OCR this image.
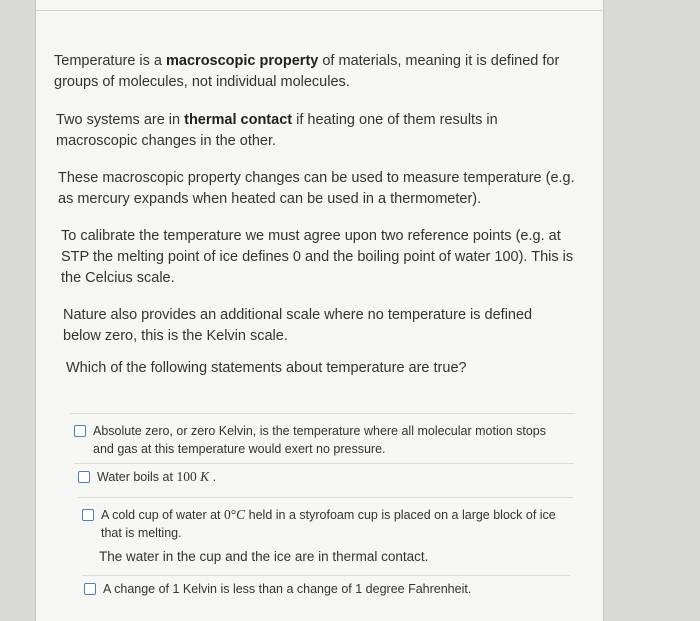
Temperature is a macroscopic property of materials, meaning it is defined for groups of molecules, not individual molecules.

Two systems are in thermal contact if heating one of them results in macroscopic changes in the other.

These macroscopic property changes can be used to measure temperature (e.g. as mercury expands when heated can be used in a thermometer).

To calibrate the temperature we must agree upon two reference points (e.g. at STP the melting point of ice defines 0 and the boiling point of water 100). This is the Celcius scale.

Nature also provides an additional scale where no temperature is defined below zero, this is the Kelvin scale.

Which of the following statements about temperature are true?

Absolute zero, or zero Kelvin, is the temperature where all molecular motion stops and gas at this temperature would exert no pressure.
Water boils at 100 K .
A cold cup of water at 0°C held in a styrofoam cup is placed on a large block of ice that is melting.

The water in the cup and the ice are in thermal contact.

A change of 1 Kelvin is less than a change of 1 degree Fahrenheit.
